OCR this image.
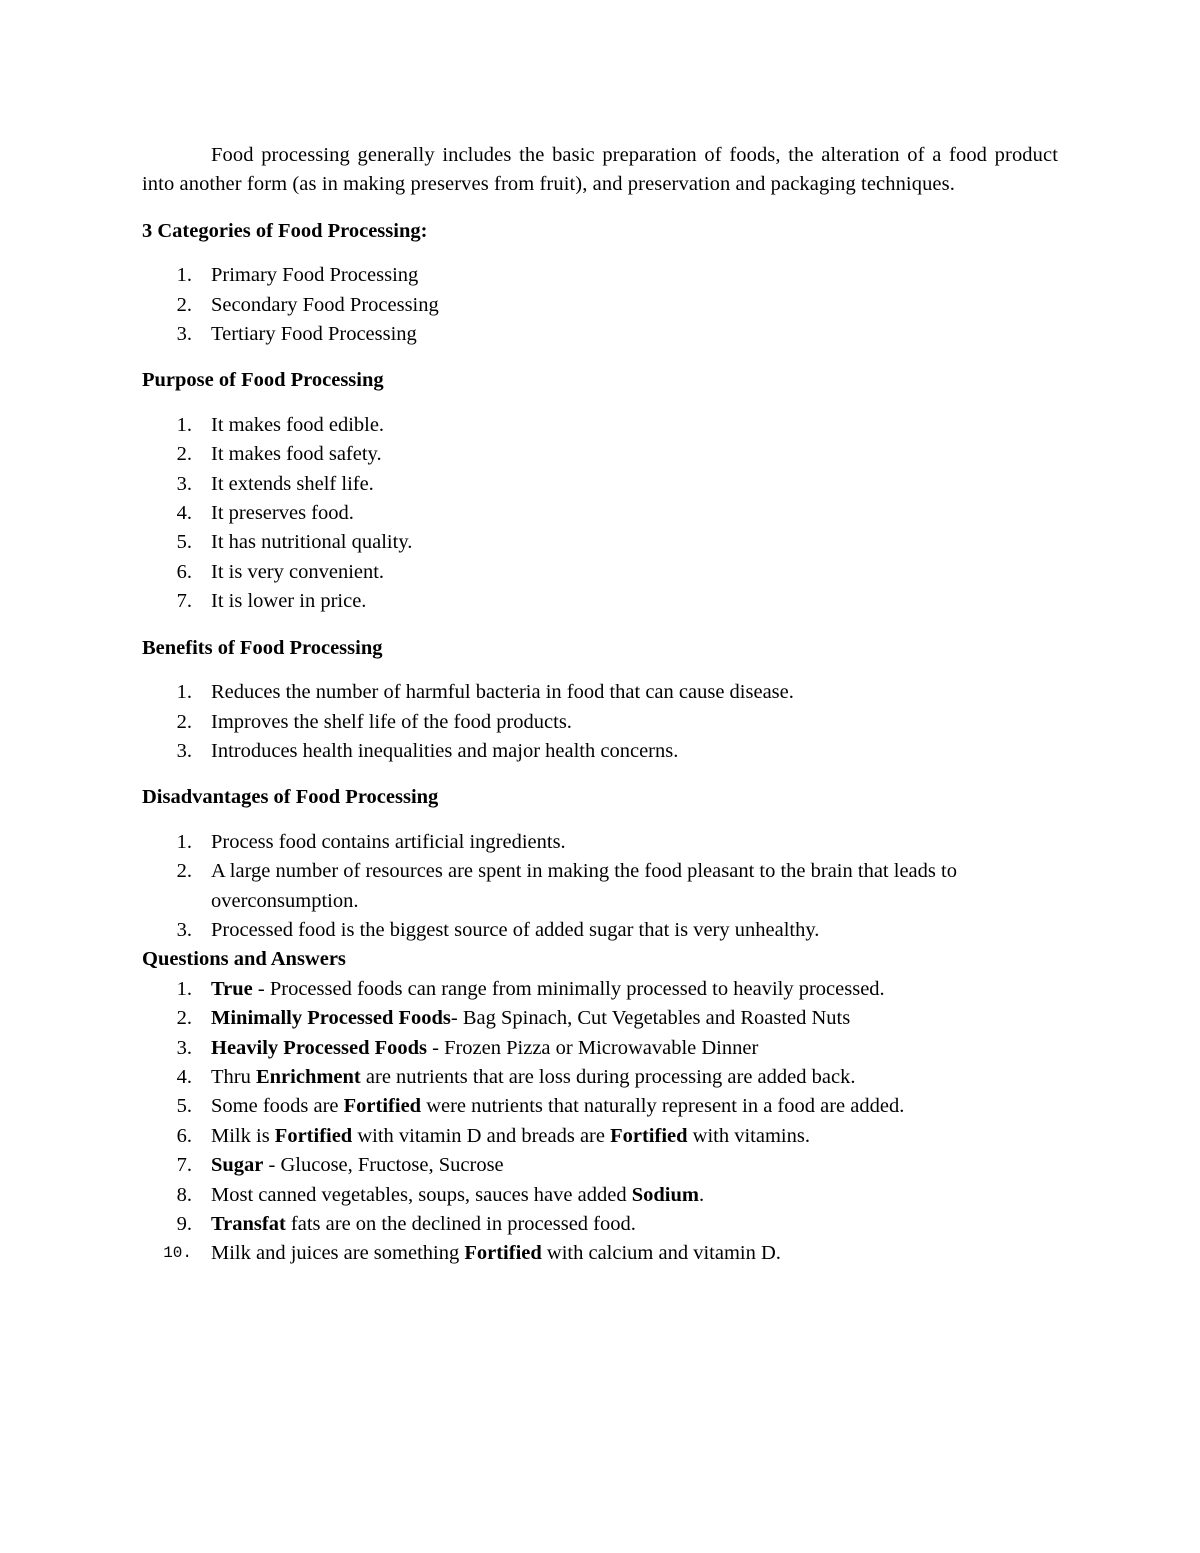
Food processing generally includes the basic preparation of foods, the alteration of a food product into another form (as in making preserves from fruit), and preservation and packaging techniques.

3 Categories of Food Processing:

1. Primary Food Processing
2. Secondary Food Processing
3. Tertiary Food Processing

Purpose of Food Processing

1. It makes food edible.
2. It makes food safety.
3. It extends shelf life.
4. It preserves food.
5. It has nutritional quality.
6. It is very convenient.
7. It is lower in price.

Benefits of Food Processing

1. Reduces the number of harmful bacteria in food that can cause disease.
2. Improves the shelf life of the food products.
3. Introduces health inequalities and major health concerns.

Disadvantages of Food Processing

1. Process food contains artificial ingredients.
2. A large number of resources are spent in making the food pleasant to the brain that leads to overconsumption.
3. Processed food is the biggest source of added sugar that is very unhealthy.

Questions and Answers

1. True - Processed foods can range from minimally processed to heavily processed.
2. Minimally Processed Foods- Bag Spinach, Cut Vegetables and Roasted Nuts
3. Heavily Processed Foods - Frozen Pizza or Microwavable Dinner
4. Thru Enrichment are nutrients that are loss during processing are added back.
5. Some foods are Fortified were nutrients that naturally represent in a food are added.
6. Milk is Fortified with vitamin D and breads are Fortified with vitamins.
7. Sugar - Glucose, Fructose, Sucrose
8. Most canned vegetables, soups, sauces have added Sodium.
9. Transfat fats are on the declined in processed food.
10. Milk and juices are something Fortified with calcium and vitamin D.
